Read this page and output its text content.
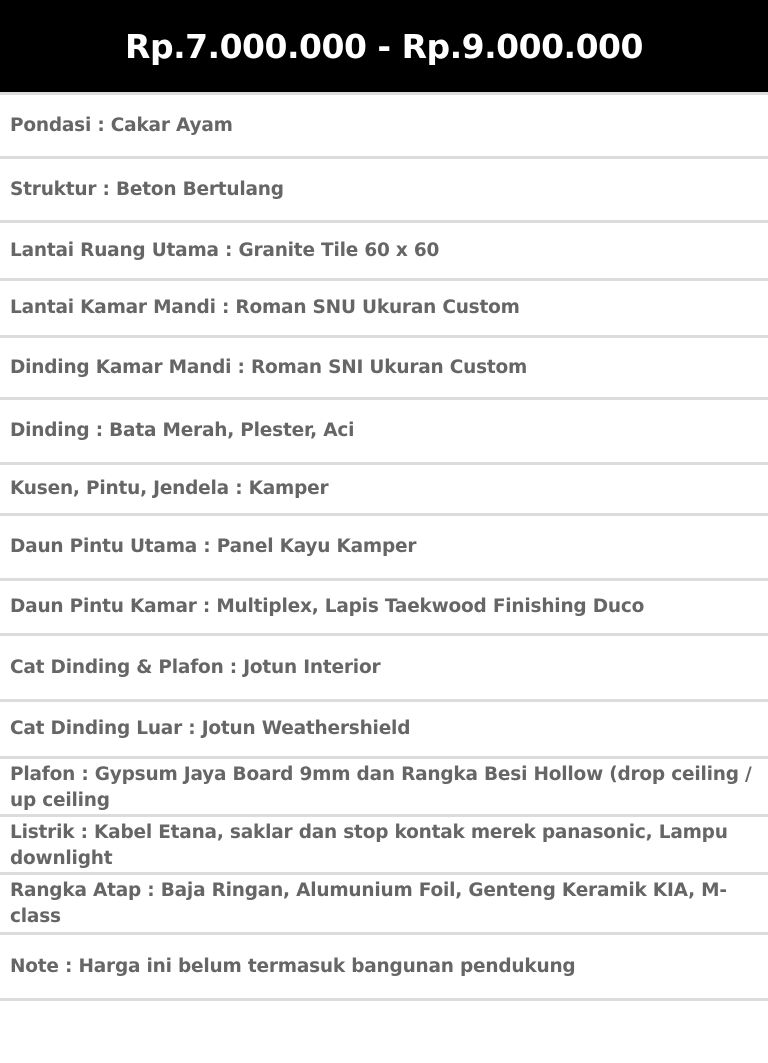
Rp.7.000.000 - Rp.9.000.000
Pondasi : Cakar Ayam
Struktur : Beton Bertulang
Lantai Ruang Utama : Granite Tile 60 x 60
Lantai Kamar Mandi : Roman SNU Ukuran Custom
Dinding Kamar Mandi : Roman SNI Ukuran Custom
Dinding : Bata Merah, Plester, Aci
Kusen, Pintu, Jendela : Kamper
Daun Pintu Utama : Panel Kayu Kamper
Daun Pintu Kamar : Multiplex, Lapis Taekwood Finishing Duco
Cat Dinding & Plafon : Jotun Interior
Cat Dinding Luar : Jotun Weathershield
Plafon : Gypsum Jaya Board 9mm dan Rangka Besi Hollow (drop ceiling / up ceiling
Listrik : Kabel Etana, saklar dan stop kontak merek panasonic, Lampu downlight
Rangka Atap : Baja Ringan, Alumunium Foil, Genteng Keramik KIA, M-class
Note : Harga ini belum termasuk bangunan pendukung
